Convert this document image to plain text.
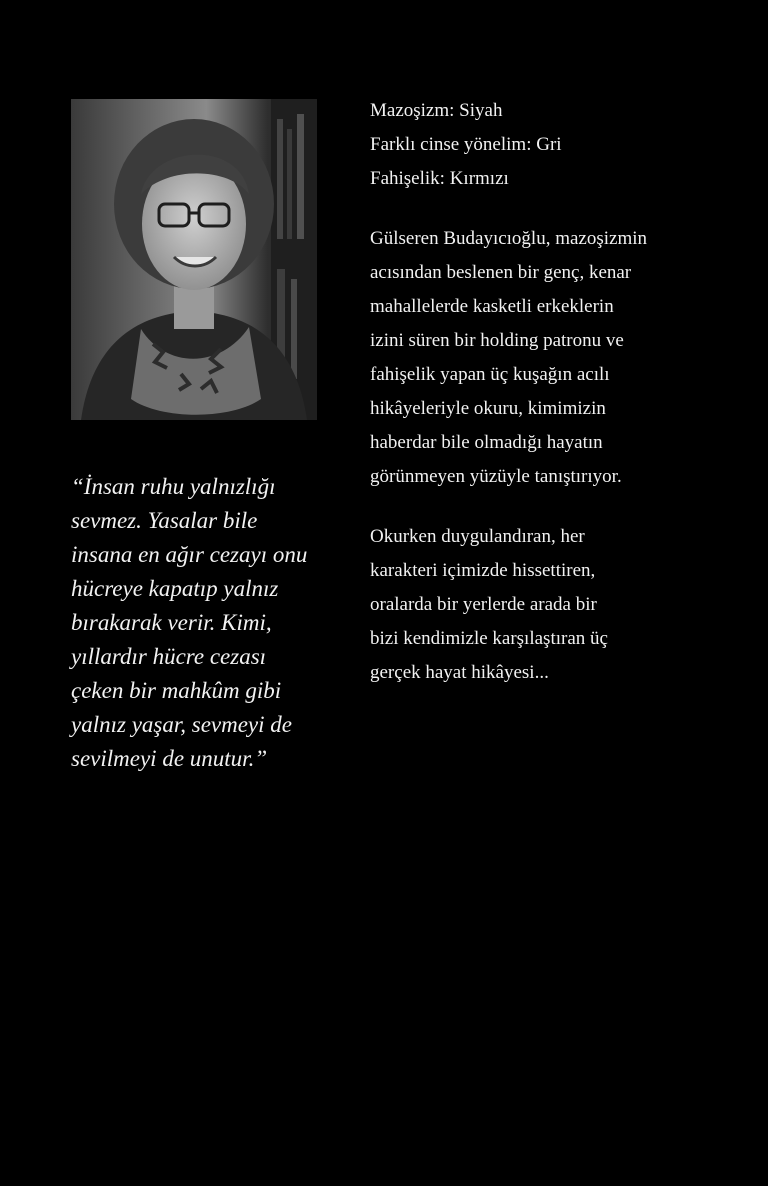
“İnsan ruhu yalnızlığı
sevmez. Yasalar bile
insana en ağır cezayı onu
hücreye kapatıp yalnız
bırakarak verir. Kimi,
yıllardır hücre cezası
çeken bir mahkûm gibi
yalnız yaşar, sevmeyi de
sevilmeyi de unutur.”
Mazoşizm: Siyah
Farklı cinse yönelim: Gri
Fahişelik: Kırmızı
Gülseren Budayıcıoğlu, mazoşizmin
acısından beslenen bir genç, kenar
mahallelerde kasketli erkeklerin
izini süren bir holding patronu ve
fahişelik yapan üç kuşağın acılı
hikâyeleriyle okuru, kimimizin
haberdar bile olmadığı hayatın
görünmeyen yüzüyle tanıştırıyor.
Okurken duygulandıran, her
karakteri içimizde hissettiren,
oralarda bir yerlerde arada bir
bizi kendimizle karşılaştıran üç
gerçek hayat hikâyesi...
